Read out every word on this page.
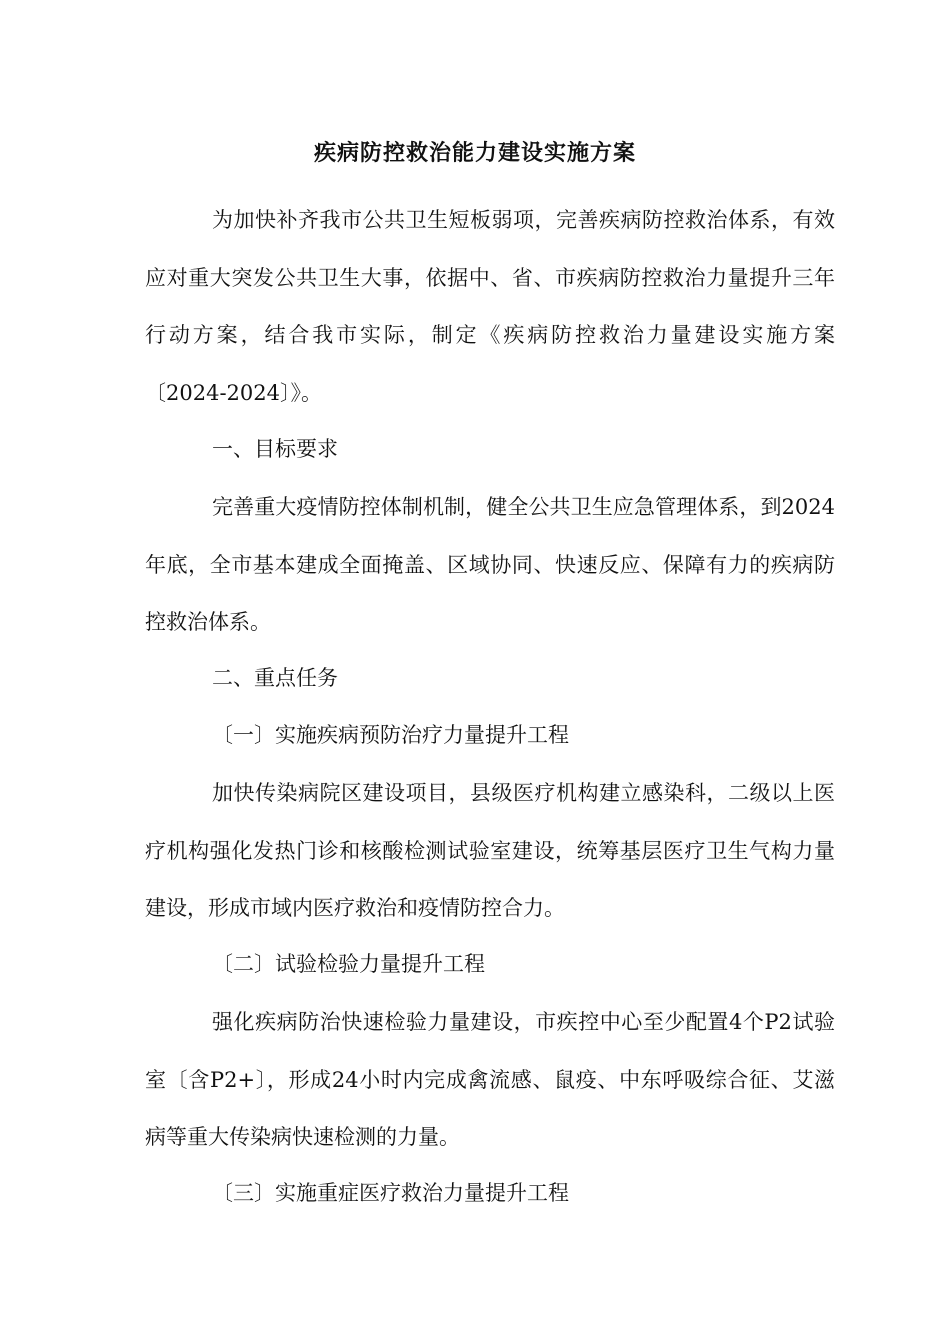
疾病防控救治能力建设实施方案
为加快补齐我市公共卫生短板弱项，完善疾病防控救治体系，有效应对重大突发公共卫生大事，依据中、省、市疾病防控救治力量提升三年行动方案，结合我市实际，制定《疾病防控救治力量建设实施方案〔2024-2024〕》。
一、目标要求
完善重大疫情防控体制机制，健全公共卫生应急管理体系，到2024年底，全市基本建成全面掩盖、区域协同、快速反应、保障有力的疾病防控救治体系。
二、重点任务
〔一〕实施疾病预防治疗力量提升工程
加快传染病院区建设项目，县级医疗机构建立感染科，二级以上医疗机构强化发热门诊和核酸检测试验室建设，统筹基层医疗卫生气构力量建设，形成市域内医疗救治和疫情防控合力。
〔二〕试验检验力量提升工程
强化疾病防治快速检验力量建设，市疾控中心至少配置4个P2试验室〔含P2+〕，形成24小时内完成禽流感、鼠疫、中东呼吸综合征、艾滋病等重大传染病快速检测的力量。
〔三〕实施重症医疗救治力量提升工程
